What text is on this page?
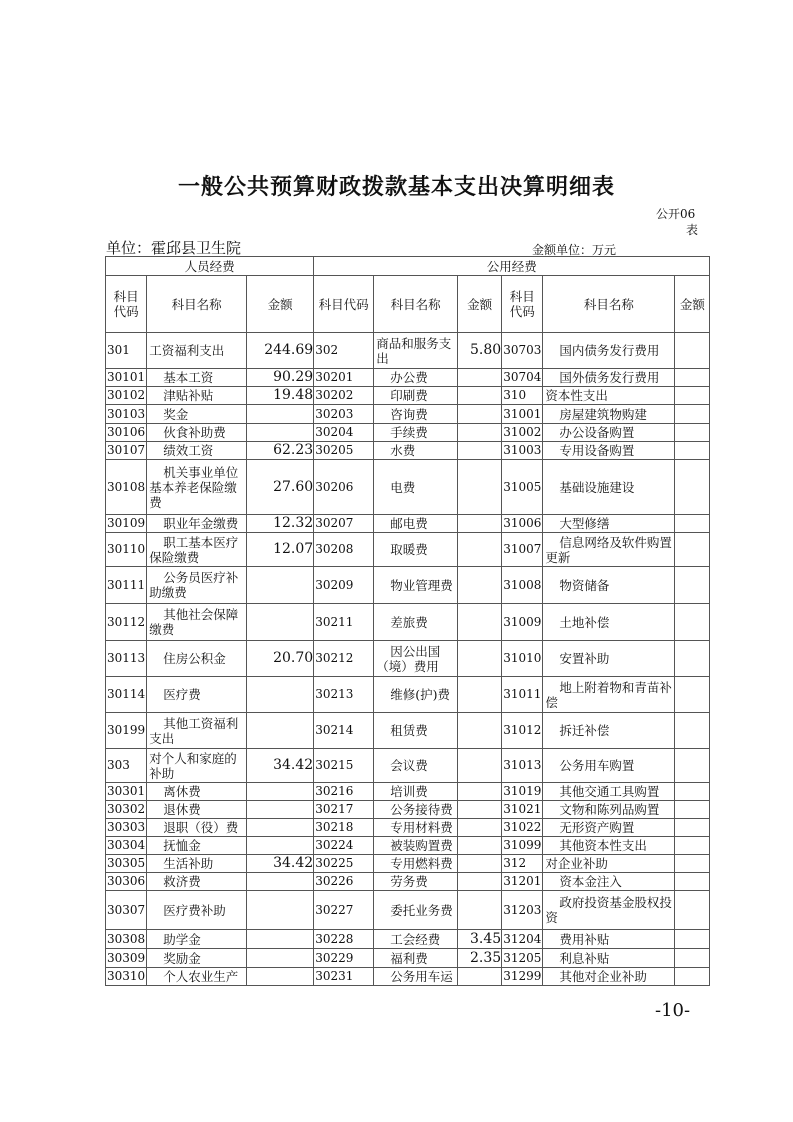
一般公共预算财政拨款基本支出决算明细表
公开06
表
单位：霍邱县卫生院	金额单位：万元
人员经费			公用经费					
科目代码	科目名称	金额	科目代码	科目名称	金额	科目代码	科目名称	金额
301	工资福利支出	244.69	302	商品和服务支出	5.80	30703	国内债务发行费用	
30101	基本工资	90.29	30201	办公费		30704	国外债务发行费用	
30102	津贴补贴	19.48	30202	印刷费		310	资本性支出	
30103	奖金		30203	咨询费		31001	房屋建筑物购建	
30106	伙食补助费		30204	手续费		31002	办公设备购置	
30107	绩效工资	62.23	30205	水费		31003	专用设备购置	
30108	机关事业单位基本养老保险缴费	27.60	30206	电费		31005	基础设施建设	
30109	职业年金缴费	12.32	30207	邮电费		31006	大型修缮	
30110	职工基本医疗保险缴费	12.07	30208	取暖费		31007	信息网络及软件购置更新	
30111	公务员医疗补助缴费		30209	物业管理费		31008	物资储备	
30112	其他社会保障缴费		30211	差旅费		31009	土地补偿	
30113	住房公积金	20.70	30212	因公出国（境）费用		31010	安置补助	
30114	医疗费		30213	维修(护)费		31011	地上附着物和青苗补偿	
30199	其他工资福利支出		30214	租赁费		31012	拆迁补偿	
303	对个人和家庭的补助	34.42	30215	会议费		31013	公务用车购置	
30301	离休费		30216	培训费		31019	其他交通工具购置	
30302	退休费		30217	公务接待费		31021	文物和陈列品购置	
30303	退职（役）费		30218	专用材料费		31022	无形资产购置	
30304	抚恤金		30224	被装购置费		31099	其他资本性支出	
30305	生活补助	34.42	30225	专用燃料费		312	对企业补助	
30306	救济费		30226	劳务费		31201	资本金注入	
30307	医疗费补助		30227	委托业务费		31203	政府投资基金股权投资	
30308	助学金		30228	工会经费	3.45	31204	费用补贴	
30309	奖励金		30229	福利费	2.35	31205	利息补贴	
30310	个人农业生产		30231	公务用车运		31299	其他对企业补助	
-10-
